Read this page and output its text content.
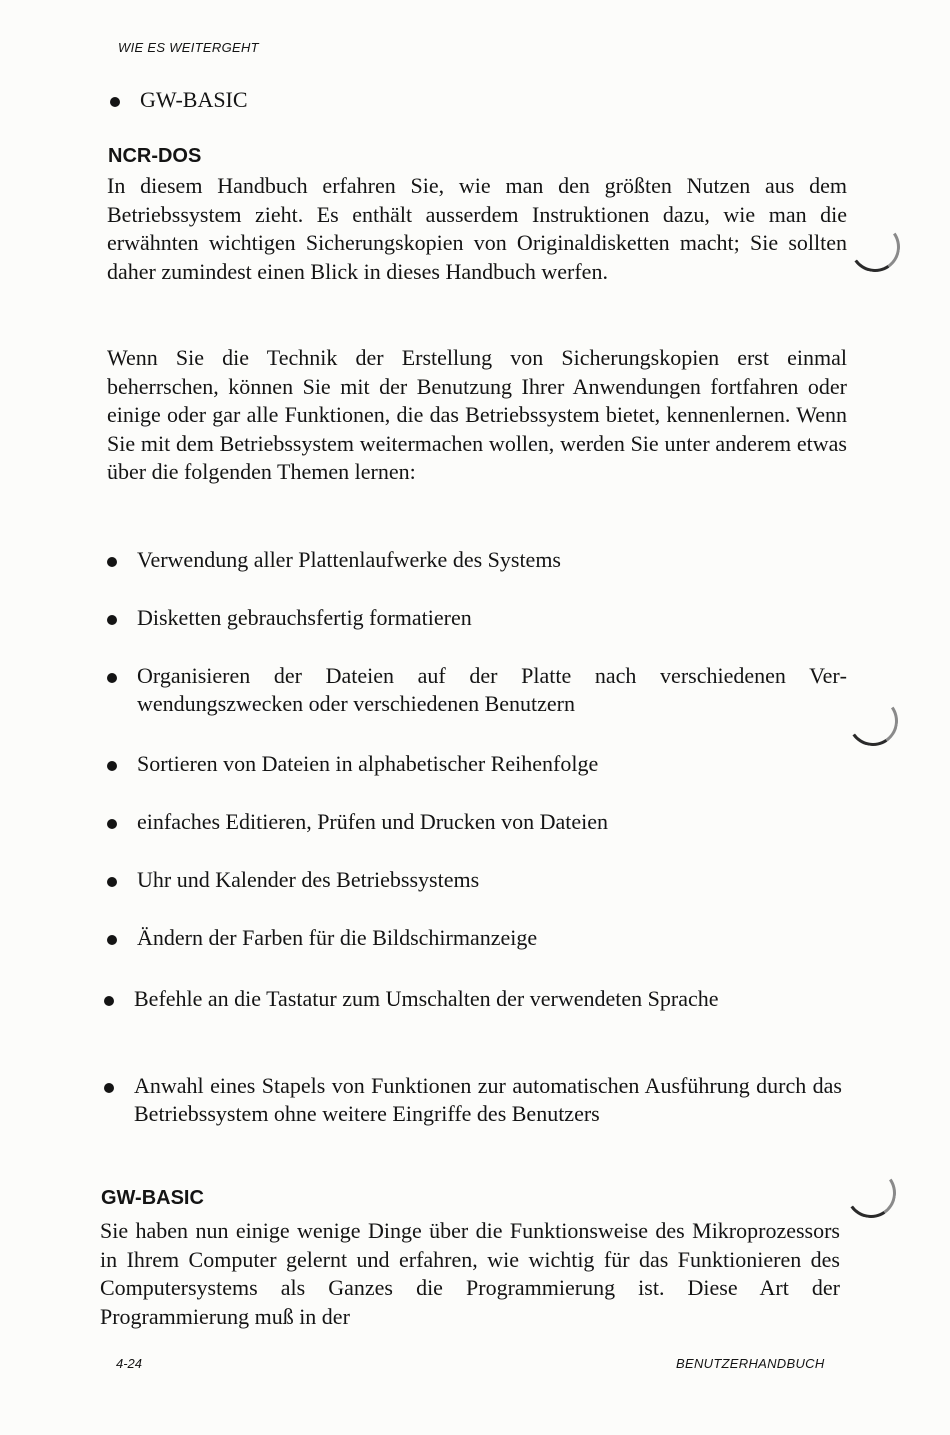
WIE ES WEITERGEHT
GW-BASIC
NCR-DOS

In diesem Handbuch erfahren Sie, wie man den größten Nutzen aus dem Betriebssystem zieht. Es enthält ausserdem Instruktionen dazu, wie man die erwähnten wichtigen Sicherungskopien von Originaldisketten macht; Sie sollten daher zumindest einen Blick in dieses Handbuch werfen.

Wenn Sie die Technik der Erstellung von Sicherungskopien erst einmal beherrschen, können Sie mit der Benutzung Ihrer Anwendungen fortfahren oder einige oder gar alle Funktionen, die das Betriebssystem bietet, kennenlernen. Wenn Sie mit dem Betriebssystem weitermachen wollen, werden Sie unter anderem etwas über die folgenden Themen lernen:

Verwendung aller Plattenlaufwerke des Systems
Disketten gebrauchsfertig formatieren
Organisieren der Dateien auf der Platte nach verschiedenen Verwendungszwecken oder verschiedenen Benutzern
Sortieren von Dateien in alphabetischer Reihenfolge
einfaches Editieren, Prüfen und Drucken von Dateien
Uhr und Kalender des Betriebssystems
Ändern der Farben für die Bildschirmanzeige
Befehle an die Tastatur zum Umschalten der verwendeten Sprache
Anwahl eines Stapels von Funktionen zur automatischen Ausführung durch das Betriebssystem ohne weitere Eingriffe des Benutzers
GW-BASIC

Sie haben nun einige wenige Dinge über die Funktionsweise des Mikroprozessors in Ihrem Computer gelernt und erfahren, wie wichtig für das Funktionieren des Computersystems als Ganzes die Programmierung ist. Diese Art der Programmierung muß in der

4-24	BENUTZERHANDBUCH
